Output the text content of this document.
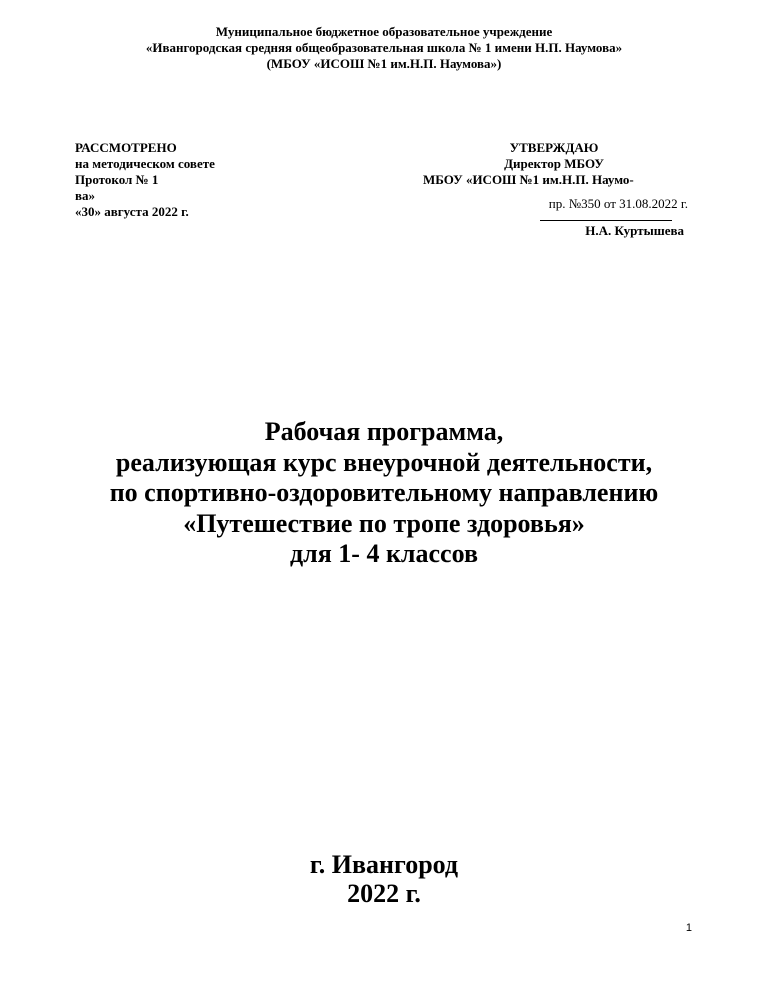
Муниципальное бюджетное образовательное учреждение
«Ивангородская средняя общеобразовательная школа № 1 имени Н.П. Наумова»
(МБОУ «ИСОШ №1 им.Н.П. Наумова»)
РАССМОТРЕНО
на методическом совете
Протокол № 1
ва»
«30» августа 2022 г.
УТВЕРЖДАЮ
Директор МБОУ
МБОУ «ИСОШ №1 им.Н.П. Наумо-
пр. №350 от 31.08.2022 г.
Н.А. Куртышева
Рабочая программа,
реализующая курс внеурочной деятельности,
по спортивно-оздоровительному направлению
«Путешествие по тропе здоровья»
для 1- 4 классов
г. Ивангород
2022 г.
1
